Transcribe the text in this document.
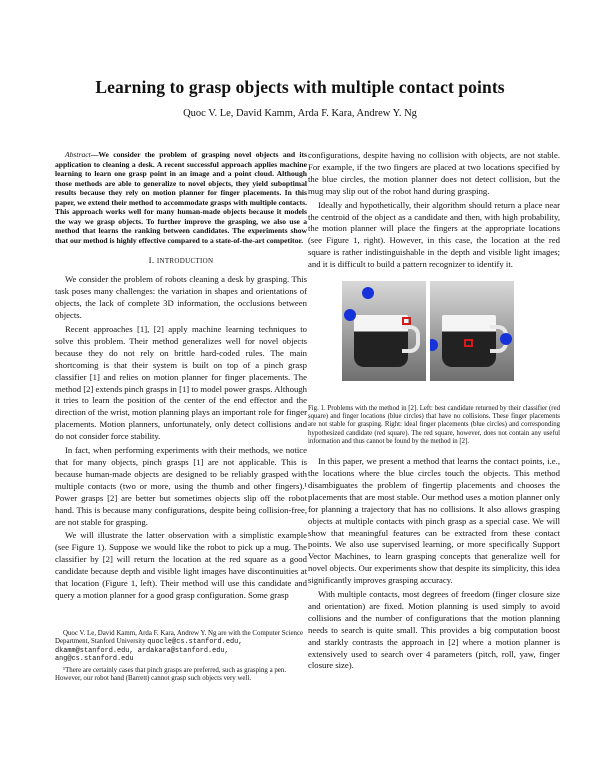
Learning to grasp objects with multiple contact points
Quoc V. Le, David Kamm, Arda F. Kara, Andrew Y. Ng

Abstract—We consider the problem of grasping novel objects and its application to cleaning a desk. A recent successful approach applies machine learning to learn one grasp point in an image and a point cloud. Although those methods are able to generalize to novel objects, they yield suboptimal results because they rely on motion planner for finger placements. In this paper, we extend their method to accommodate grasps with multiple contacts. This approach works well for many human-made objects because it models the way we grasp objects. To further improve the grasping, we also use a method that learns the ranking between candidates. The experiments show that our method is highly effective compared to a state-of-the-art competitor.

I. INTRODUCTION

We consider the problem of robots cleaning a desk by grasping. This task poses many challenges: the variation in shapes and orientations of objects, the lack of complete 3D information, the occlusions between objects.

Recent approaches [1], [2] apply machine learning techniques to solve this problem. Their method generalizes well for novel objects because they do not rely on brittle hard-coded rules. The main shortcoming is that their system is built on top of a pinch grasp classifier [1] and relies on motion planner for finger placements. The method [2] extends pinch grasps in [1] to model power grasps. Although it tries to learn the position of the center of the end effector and the direction of the wrist, motion planning plays an important role for finger placements. Motion planners, unfortunately, only detect collisions and do not consider force stability.

In fact, when performing experiments with their methods, we notice that for many objects, pinch grasps [1] are not applicable. This is because human-made objects are designed to be reliably grasped with multiple contacts (two or more, using the thumb and other fingers).¹ Power grasps [2] are better but sometimes objects slip off the robot hand. This is because many configurations, despite being collision-free, are not stable for grasping.

We will illustrate the latter observation with a simplistic example (see Figure 1). Suppose we would like the robot to pick up a mug. The classifier by [2] will return the location at the red square as a good candidate because depth and visible light images have discontinuities at that location (Figure 1, left). Their method will use this candidate and query a motion planner for a good grasp configuration. Some grasp

configurations, despite having no collision with objects, are not stable. For example, if the two fingers are placed at two locations specified by the blue circles, the motion planner does not detect collision, but the mug may slip out of the robot hand during grasping.

Ideally and hypothetically, their algorithm should return a place near the centroid of the object as a candidate and then, with high probability, the motion planner will place the fingers at the appropriate locations (see Figure 1, right). However, in this case, the location at the red square is rather indistinguishable in the depth and visible light images; and it is difficult to build a pattern recognizer to identify it.

Fig. 1. Problems with the method in [2]. Left: best candidate returned by their classifier (red square) and finger locations (blue circles) that have no collisions. These finger placements are not stable for grasping. Right: ideal finger placements (blue circles) and corresponding hypothesized candidate (red square). The red square, however, does not contain any useful information and thus cannot be found by the method in [2].

In this paper, we present a method that learns the contact points, i.e., the locations where the blue circles touch the objects. This method disambiguates the problem of fingertip placements and chooses the placements that are most stable. Our method uses a motion planner only for planning a trajectory that has no collisions. It also allows grasping objects at multiple contacts with pinch grasp as a special case. We will show that meaningful features can be extracted from these contact points. We also use supervised learning, or more specifically Support Vector Machines, to learn grasping concepts that generalize well for novel objects. Our experiments show that despite its simplicity, this idea significantly improves grasping accuracy.

With multiple contacts, most degrees of freedom (finger closure size and orientation) are fixed. Motion planning is used simply to avoid collisions and the number of configurations that the motion planning needs to search is quite small. This provides a big computation boost and starkly contrasts the approach in [2] where a motion planner is extensively used to search over 4 parameters (pitch, roll, yaw, finger closure size).

Quoc V. Le, David Kamm, Arda F. Kara, Andrew Y. Ng are with the Computer Science Department, Stanford University quocle@cs.stanford.edu, dkamm@stanford.edu, ardakara@stanford.edu, ang@cs.stanford.edu

¹There are certainly cases that pinch grasps are preferred, such as grasping a pen. However, our robot hand (Barrett) cannot grasp such objects very well.
